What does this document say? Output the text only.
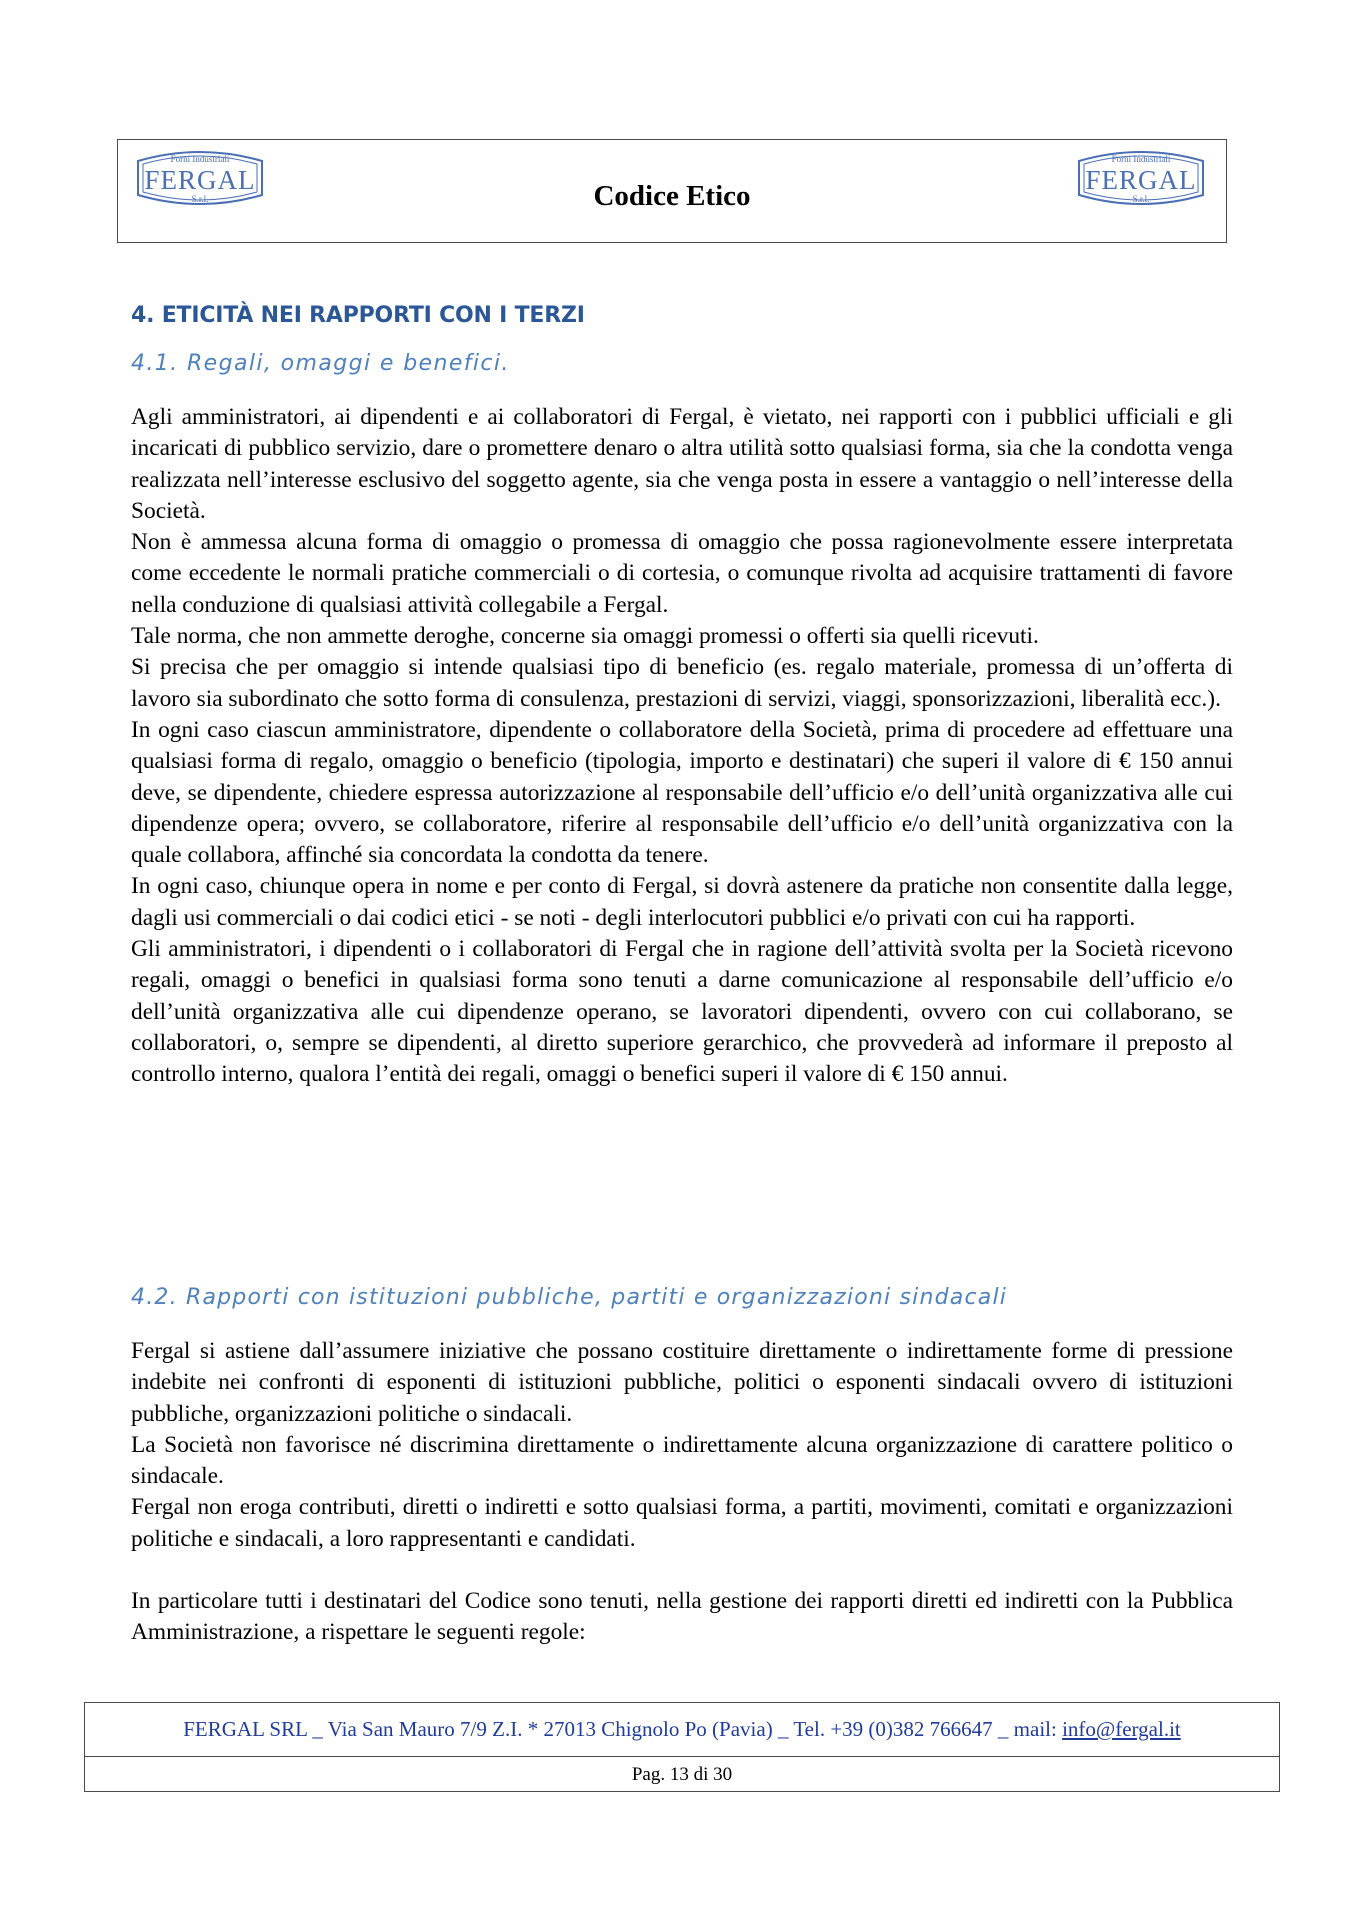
Forni Industriali
FERGAL
S.r.l.	Codice Etico
Forni Industriali
FERGAL
S.r.l.
4. ETICITÀ NEI RAPPORTI CON I TERZI
4.1. Regali, omaggi e benefici.

Agli amministratori, ai dipendenti e ai collaboratori di Fergal, è vietato, nei rapporti con i pubblici ufficiali e gli incaricati di pubblico servizio, dare o promettere denaro o altra utilità sotto qualsiasi forma, sia che la condotta venga realizzata nell’interesse esclusivo del soggetto agente, sia che venga posta in essere a vantaggio o nell’interesse della Società.

Non è ammessa alcuna forma di omaggio o promessa di omaggio che possa ragionevolmente essere interpretata come eccedente le normali pratiche commerciali o di cortesia, o comunque rivolta ad acquisire trattamenti di favore nella conduzione di qualsiasi attività collegabile a Fergal.

Tale norma, che non ammette deroghe, concerne sia omaggi promessi o offerti sia quelli ricevuti.

Si precisa che per omaggio si intende qualsiasi tipo di beneficio (es. regalo materiale, promessa di un’offerta di lavoro sia subordinato che sotto forma di consulenza, prestazioni di servizi, viaggi, sponsorizzazioni, liberalità ecc.).

In ogni caso ciascun amministratore, dipendente o collaboratore della Società, prima di procedere ad effettuare una qualsiasi forma di regalo, omaggio o beneficio (tipologia, importo e destinatari) che superi il valore di € 150 annui deve, se dipendente, chiedere espressa autorizzazione al responsabile dell’ufficio e/o dell’unità organizzativa alle cui dipendenze opera; ovvero, se collaboratore, riferire al responsabile dell’ufficio e/o dell’unità organizzativa con la quale collabora, affinché sia concordata la condotta da tenere.

In ogni caso, chiunque opera in nome e per conto di Fergal, si dovrà astenere da pratiche non consentite dalla legge, dagli usi commerciali o dai codici etici - se noti - degli interlocutori pubblici e/o privati con cui ha rapporti.

Gli amministratori, i dipendenti o i collaboratori di Fergal che in ragione dell’attività svolta per la Società ricevono regali, omaggi o benefici in qualsiasi forma sono tenuti a darne comunicazione al responsabile dell’ufficio e/o dell’unità organizzativa alle cui dipendenze operano, se lavoratori dipendenti, ovvero con cui collaborano, se collaboratori, o, sempre se dipendenti, al diretto superiore gerarchico, che provvederà ad informare il preposto al controllo interno, qualora l’entità dei regali, omaggi o benefici superi il valore di € 150 annui.

4.2. Rapporti con istituzioni pubbliche, partiti e organizzazioni sindacali

Fergal si astiene dall’assumere iniziative che possano costituire direttamente o indirettamente forme di pressione indebite nei confronti di esponenti di istituzioni pubbliche, politici o esponenti sindacali ovvero di istituzioni pubbliche, organizzazioni politiche o sindacali.

La Società non favorisce né discrimina direttamente o indirettamente alcuna organizzazione di carattere politico o sindacale.

Fergal non eroga contributi, diretti o indiretti e sotto qualsiasi forma, a partiti, movimenti, comitati e organizzazioni politiche e sindacali, a loro rappresentanti e candidati.

In particolare tutti i destinatari del Codice sono tenuti, nella gestione dei rapporti diretti ed indiretti con la Pubblica Amministrazione, a rispettare le seguenti regole:

FERGAL SRL _ Via San Mauro 7/9 Z.I. * 27013 Chignolo Po (Pavia) _ Tel. +39 (0)382 766647 _ mail: info@fergal.it
Pag. 13 di 30
